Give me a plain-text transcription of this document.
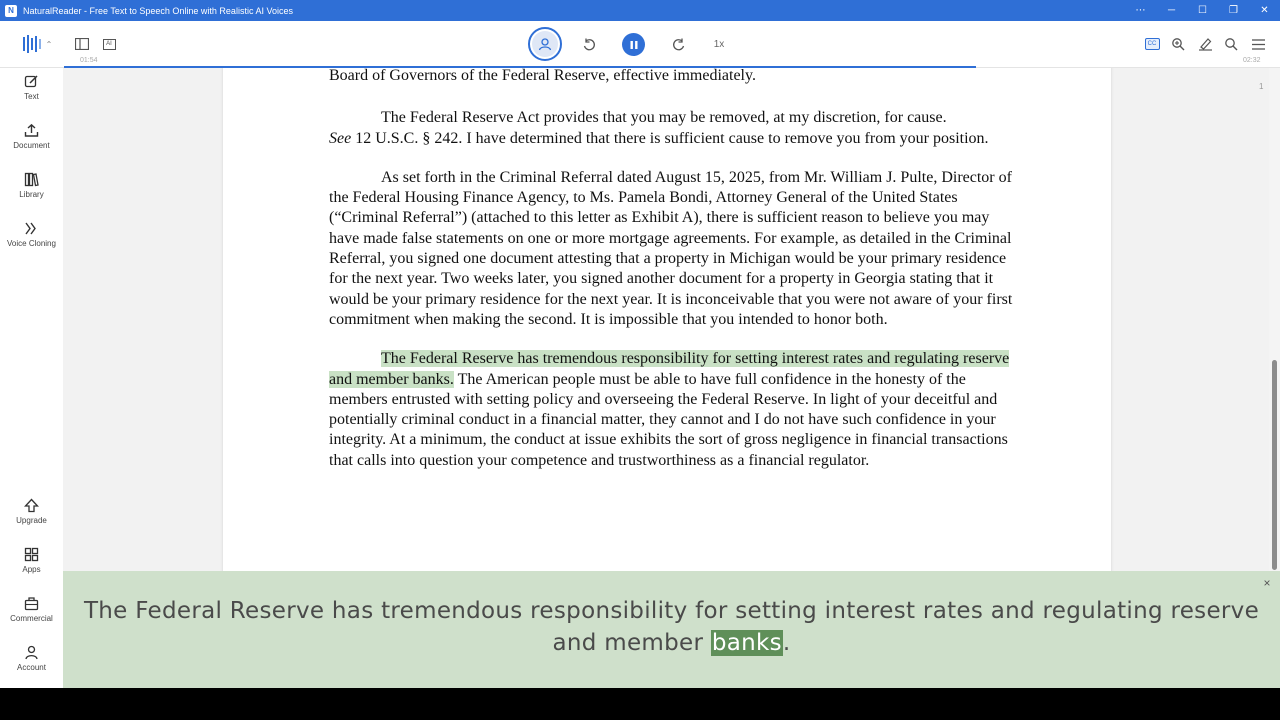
N	NaturalReader - Free Text to Speech Online with Realistic AI Voices	⋯	─	☐	❐	✕
⌃	AI
01:54
1x	CC
02:32
Text
Document
Library
Voice Cloning
Upgrade
Apps
Commercial
Account

Board of Governors of the Federal Reserve, effective immediately.

The Federal Reserve Act provides that you may be removed, at my discretion, for cause.
See 12 U.S.C. § 242. I have determined that there is sufficient cause to remove you from your position.

As set forth in the Criminal Referral dated August 15, 2025, from Mr. William J. Pulte, Director of the Federal Housing Finance Agency, to Ms. Pamela Bondi, Attorney General of the United States (“Criminal Referral”) (attached to this letter as Exhibit A), there is sufficient reason to believe you may have made false statements on one or more mortgage agreements. For example, as detailed in the Criminal Referral, you signed one document attesting that a property in Michigan would be your primary residence for the next year. Two weeks later, you signed another document for a property in Georgia stating that it would be your primary residence for the next year. It is inconceivable that you were not aware of your first commitment when making the second. It is impossible that you intended to honor both.

The Federal Reserve has tremendous responsibility for setting interest rates and regulating reserve and member banks. The American people must be able to have full confidence in the honesty of the members entrusted with setting policy and overseeing the Federal Reserve. In light of your deceitful and potentially criminal conduct in a financial matter, they cannot and I do not have such confidence in your integrity. At a minimum, the conduct at issue exhibits the sort of gross negligence in financial transactions that calls into question your competence and trustworthiness as a financial regulator.

1
×
The Federal Reserve has tremendous responsibility for setting interest rates and regulating reserve and member banks.
